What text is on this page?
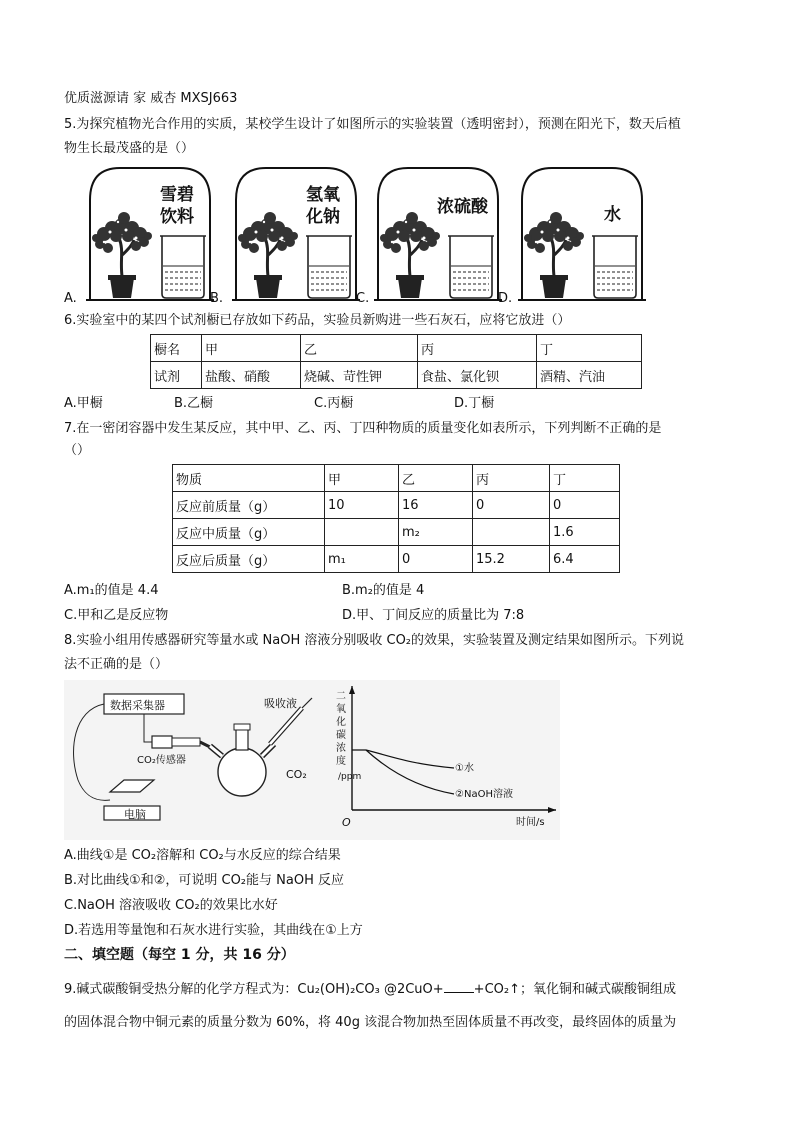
优质滋源请 家 威杏 MXSJ663
5.为探究植物光合作用的实质，某校学生设计了如图所示的实验装置（透明密封），预测在阳光下，数天后植
物生长最茂盛的是（）
雪碧
饮料
氢氧
化钠	浓硫酸	水
A.	B.	C.	D.
6.实验室中的某四个试剂橱已存放如下药品，实验员新购进一些石灰石，应将它放进（）
橱名	甲	乙	丙	丁
试剂	盐酸、硝酸	烧碱、苛性钾	食盐、氯化钡	酒精、汽油
A.甲橱	B.乙橱	C.丙橱	D.丁橱
7.在一密闭容器中发生某反应，其中甲、乙、丙、丁四种物质的质量变化如表所示，下列判断不正确的是
（）
物质	甲	乙	丙	丁
反应前质量（g）	10	16	0	0
反应中质量（g）		m₂		1.6
反应后质量（g）	m₁	0	15.2	6.4
A.m₁的值是 4.4	B.m₂的值是 4
C.甲和乙是反应物	D.甲、丁间反应的质量比为 7:8
8.实验小组用传感器研究等量水或 NaOH 溶液分别吸收 CO₂的效果，实验装置及测定结果如图所示。下列说
法不正确的是（）
数据采集器
CO₂传感器
吸收液
CO₂
电脑
二氧化碳浓度
/ppm
O	时间/s
①水
②NaOH溶液
A.曲线①是 CO₂溶解和 CO₂与水反应的综合结果
B.对比曲线①和②，可说明 CO₂能与 NaOH 反应
C.NaOH 溶液吸收 CO₂的效果比水好
D.若选用等量饱和石灰水进行实验，其曲线在①上方
二、填空题（每空 1 分，共 16 分）
9.碱式碳酸铜受热分解的化学方程式为：Cu₂(OH)₂CO₃ @2CuO+ +CO₂↑；氧化铜和碱式碳酸铜组成
的固体混合物中铜元素的质量分数为 60%，将 40g 该混合物加热至固体质量不再改变，最终固体的质量为
